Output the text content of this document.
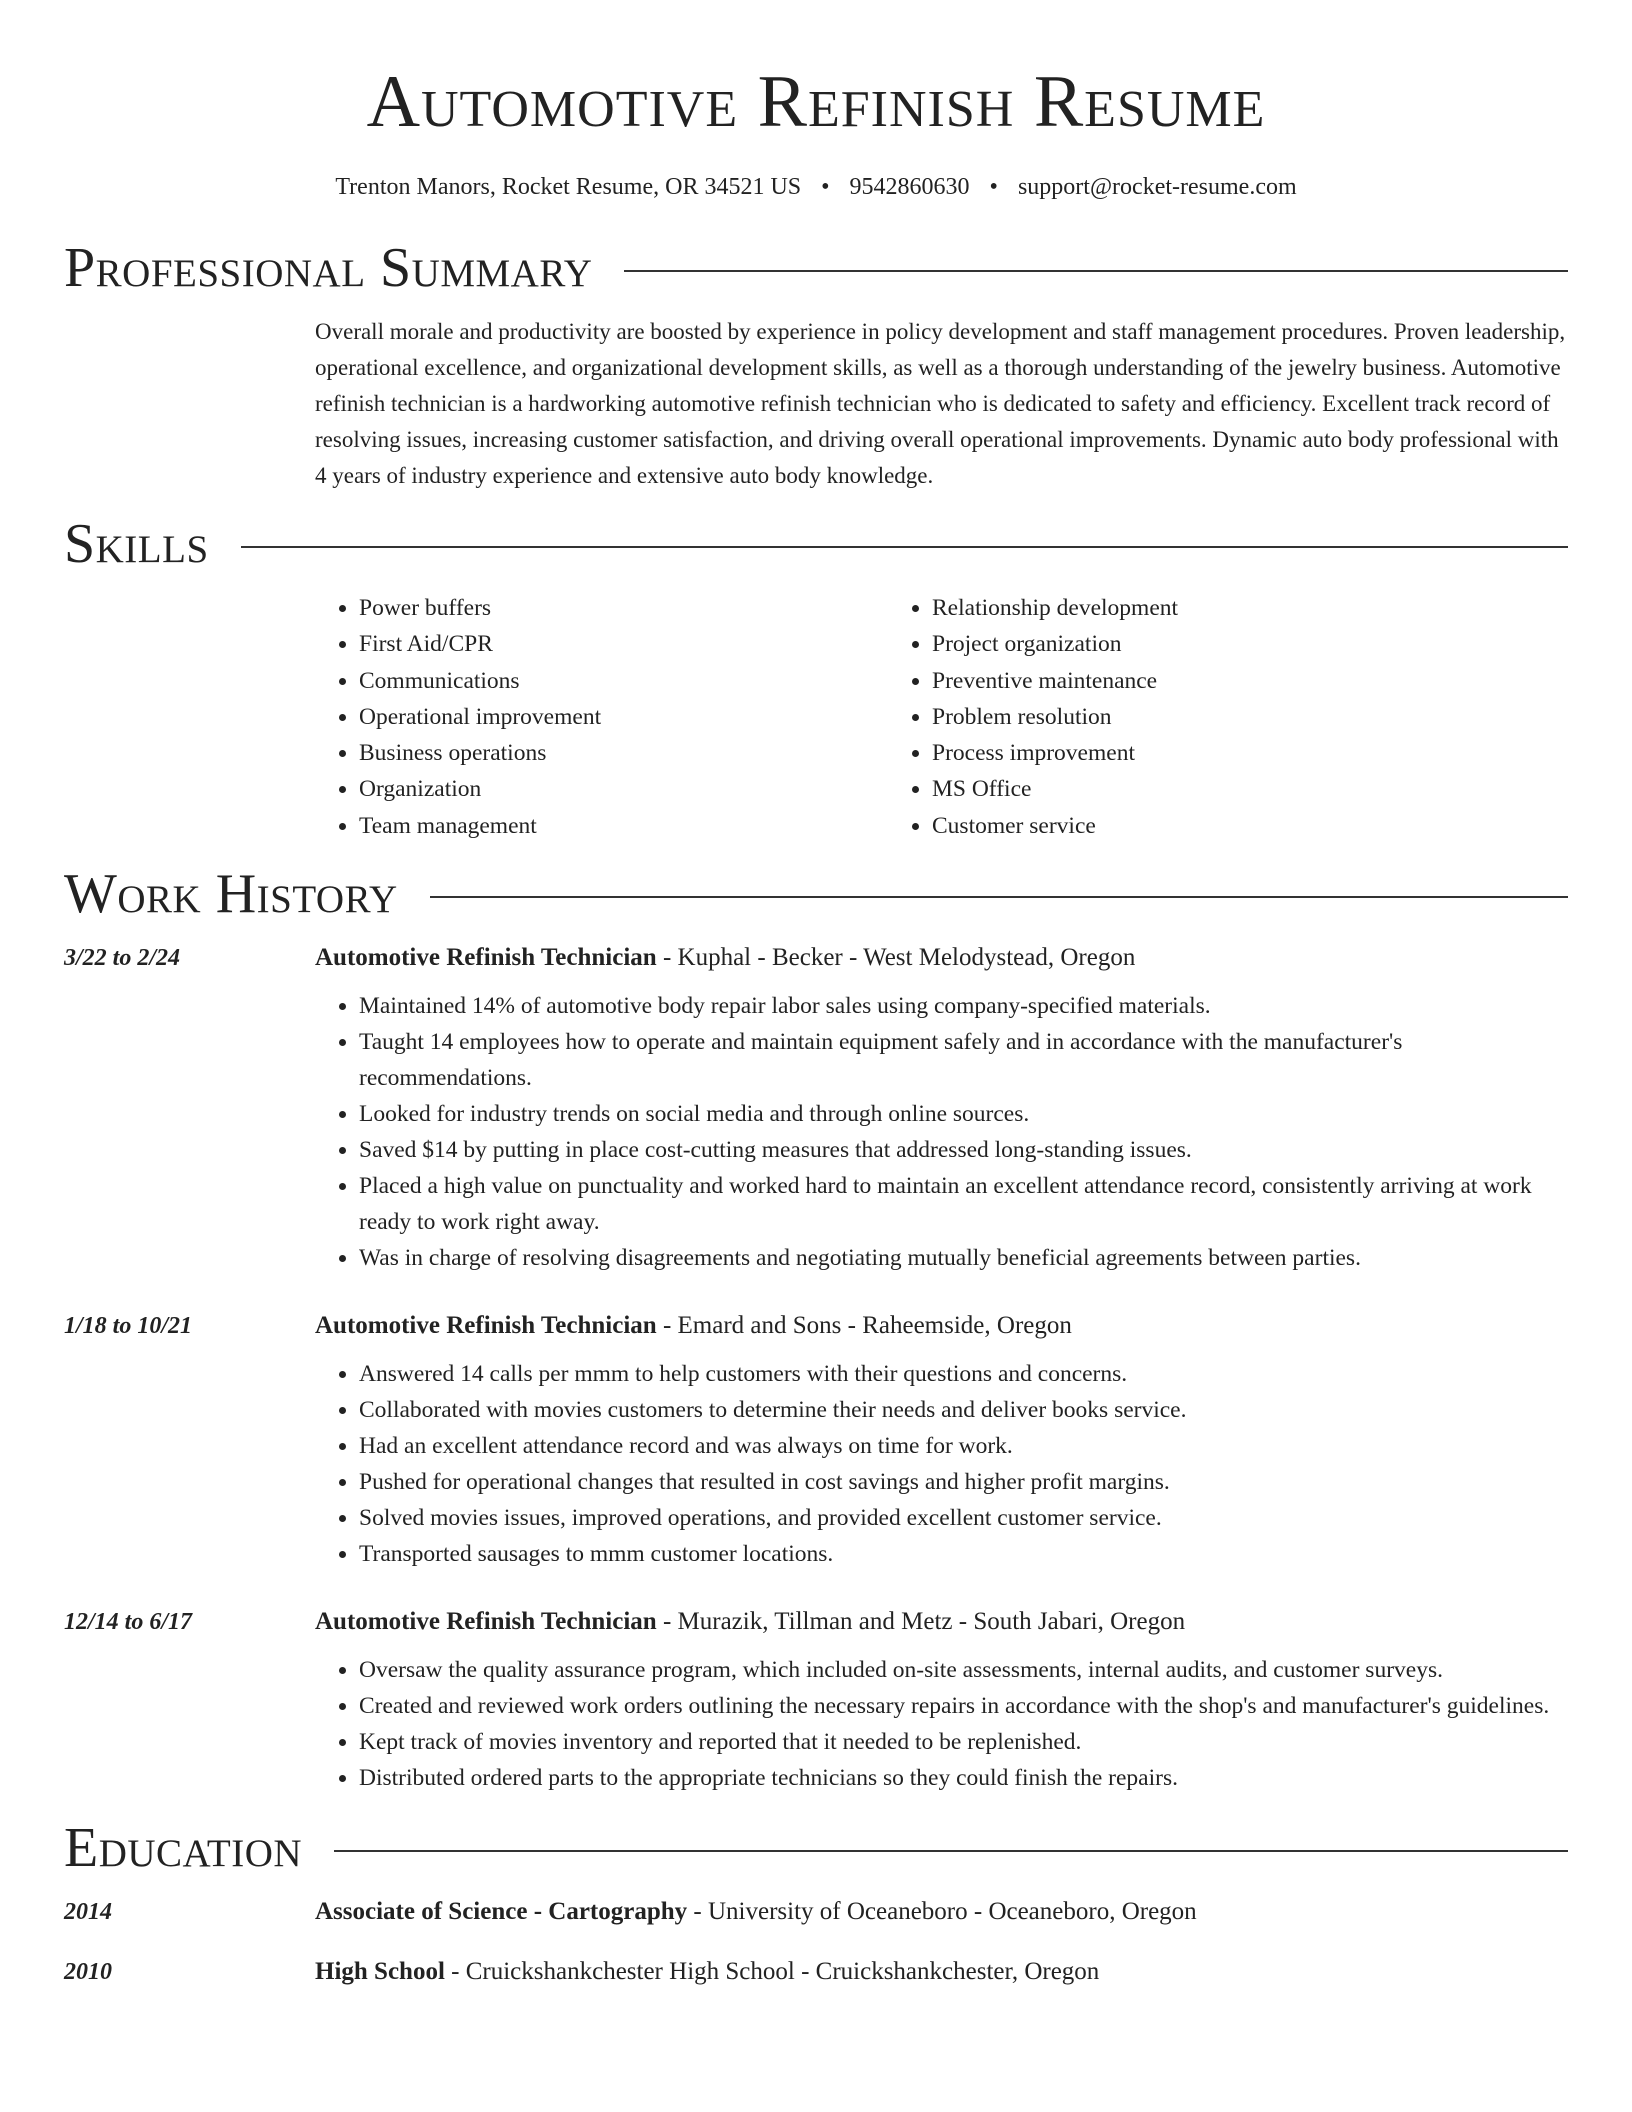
Automotive Refinish Resume
Trenton Manors, Rocket Resume, OR 34521 US • 9542860630 • support@rocket-resume.com
Professional Summary
Overall morale and productivity are boosted by experience in policy development and staff management procedures. Proven leadership, operational excellence, and organizational development skills, as well as a thorough understanding of the jewelry business. Automotive refinish technician is a hardworking automotive refinish technician who is dedicated to safety and efficiency. Excellent track record of resolving issues, increasing customer satisfaction, and driving overall operational improvements. Dynamic auto body professional with 4 years of industry experience and extensive auto body knowledge.
Skills
• Power buffers
• First Aid/CPR
• Communications
• Operational improvement
• Business operations
• Organization
• Team management
• Relationship development
• Project organization
• Preventive maintenance
• Problem resolution
• Process improvement
• MS Office
• Customer service
Work History
3/22 to 2/24	Automotive Refinish Technician - Kuphal - Becker - West Melodystead, Oregon
• Maintained 14% of automotive body repair labor sales using company-specified materials.
• Taught 14 employees how to operate and maintain equipment safely and in accordance with the manufacturer's recommendations.
• Looked for industry trends on social media and through online sources.
• Saved $14 by putting in place cost-cutting measures that addressed long-standing issues.
• Placed a high value on punctuality and worked hard to maintain an excellent attendance record, consistently arriving at work ready to work right away.
• Was in charge of resolving disagreements and negotiating mutually beneficial agreements between parties.
1/18 to 10/21	Automotive Refinish Technician - Emard and Sons - Raheemside, Oregon
• Answered 14 calls per mmm to help customers with their questions and concerns.
• Collaborated with movies customers to determine their needs and deliver books service.
• Had an excellent attendance record and was always on time for work.
• Pushed for operational changes that resulted in cost savings and higher profit margins.
• Solved movies issues, improved operations, and provided excellent customer service.
• Transported sausages to mmm customer locations.
12/14 to 6/17	Automotive Refinish Technician - Murazik, Tillman and Metz - South Jabari, Oregon
• Oversaw the quality assurance program, which included on-site assessments, internal audits, and customer surveys.
• Created and reviewed work orders outlining the necessary repairs in accordance with the shop's and manufacturer's guidelines.
• Kept track of movies inventory and reported that it needed to be replenished.
• Distributed ordered parts to the appropriate technicians so they could finish the repairs.
Education
2014	Associate of Science - Cartography - University of Oceaneboro - Oceaneboro, Oregon
2010	High School - Cruickshankchester High School - Cruickshankchester, Oregon
